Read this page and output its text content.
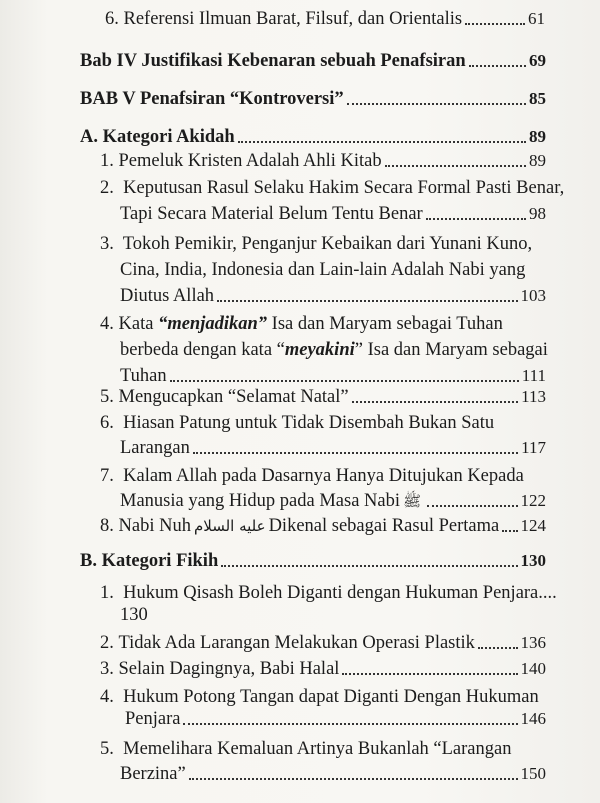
6.
Referensi Ilmuan Barat, Filsuf, dan Orientalis	61
Bab IV Justifikasi Kebenaran sebuah Penafsiran	69
BAB V Penafsiran “Kontroversi”	85
A. Kategori Akidah	89
1.
Pemeluk Kristen Adalah Ahli Kitab	89
2. Keputusan Rasul Selaku Hakim Secara Formal Pasti Benar,
Tapi Secara Material Belum Tentu Benar	98
3. Tokoh Pemikir, Penganjur Kebaikan dari Yunani Kuno,
Cina, India, Indonesia dan Lain-lain Adalah Nabi yang
Diutus Allah	103
4. Kata “menjadikan” Isa dan Maryam sebagai Tuhan
berbeda dengan kata “meyakini” Isa dan Maryam sebagai
Tuhan	111
5.
Mengucapkan “Selamat Natal”	113
6. Hiasan Patung untuk Tidak Disembah Bukan Satu
Larangan	117
7. Kalam Allah pada Dasarnya Hanya Ditujukan Kepada
Manusia yang Hidup pada Masa Nabi ﷺ	122
8.
Nabi Nuh عليه السلام Dikenal sebagai Rasul Pertama 124
B. Kategori Fikih	130
1. Hukum Qisash Boleh Diganti dengan Hukuman Penjara....
130
2.
Tidak Ada Larangan Melakukan Operasi Plastik	136
3.
Selain Dagingnya, Babi Halal	140
4. Hukum Potong Tangan dapat Diganti Dengan Hukuman
Penjara	146
5. Memelihara Kemaluan Artinya Bukanlah “Larangan
Berzina”	150
